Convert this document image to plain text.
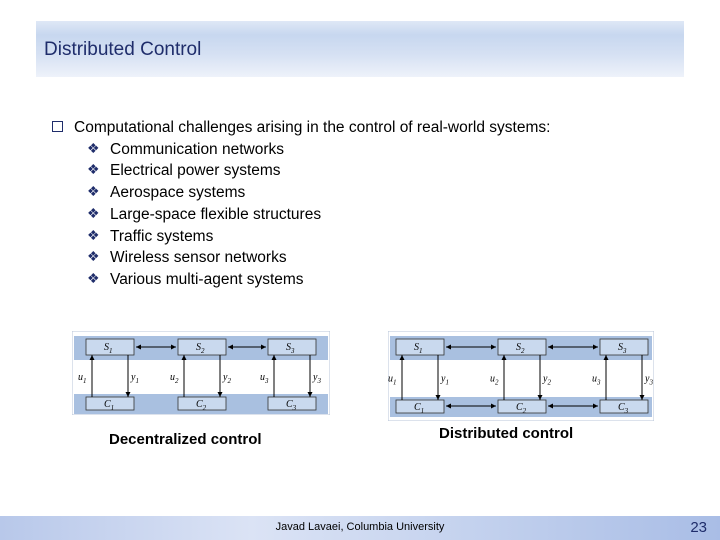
Distributed Control
Computational challenges arising in the control of real-world systems:
❖ Communication networks
❖ Electrical power systems
❖ Aerospace systems
❖ Large-space flexible structures
❖ Traffic systems
❖ Wireless sensor networks
❖ Various multi-agent systems
$S_1$
$C_1$
$u_1$	$y_1$
$S_2$
$C_2$
$u_2$	$y_2$
$S_3$
$C_3$
$u_3$	$y_3$
$S_1$
$C_1$
$u_1$	$y_1$
$S_2$
$C_2$
$u_2$	$y_2$
$S_3$
$C_3$
$u_3$	$y_3$
Decentralized control	Distributed control
Javad Lavaei, Columbia University	23
